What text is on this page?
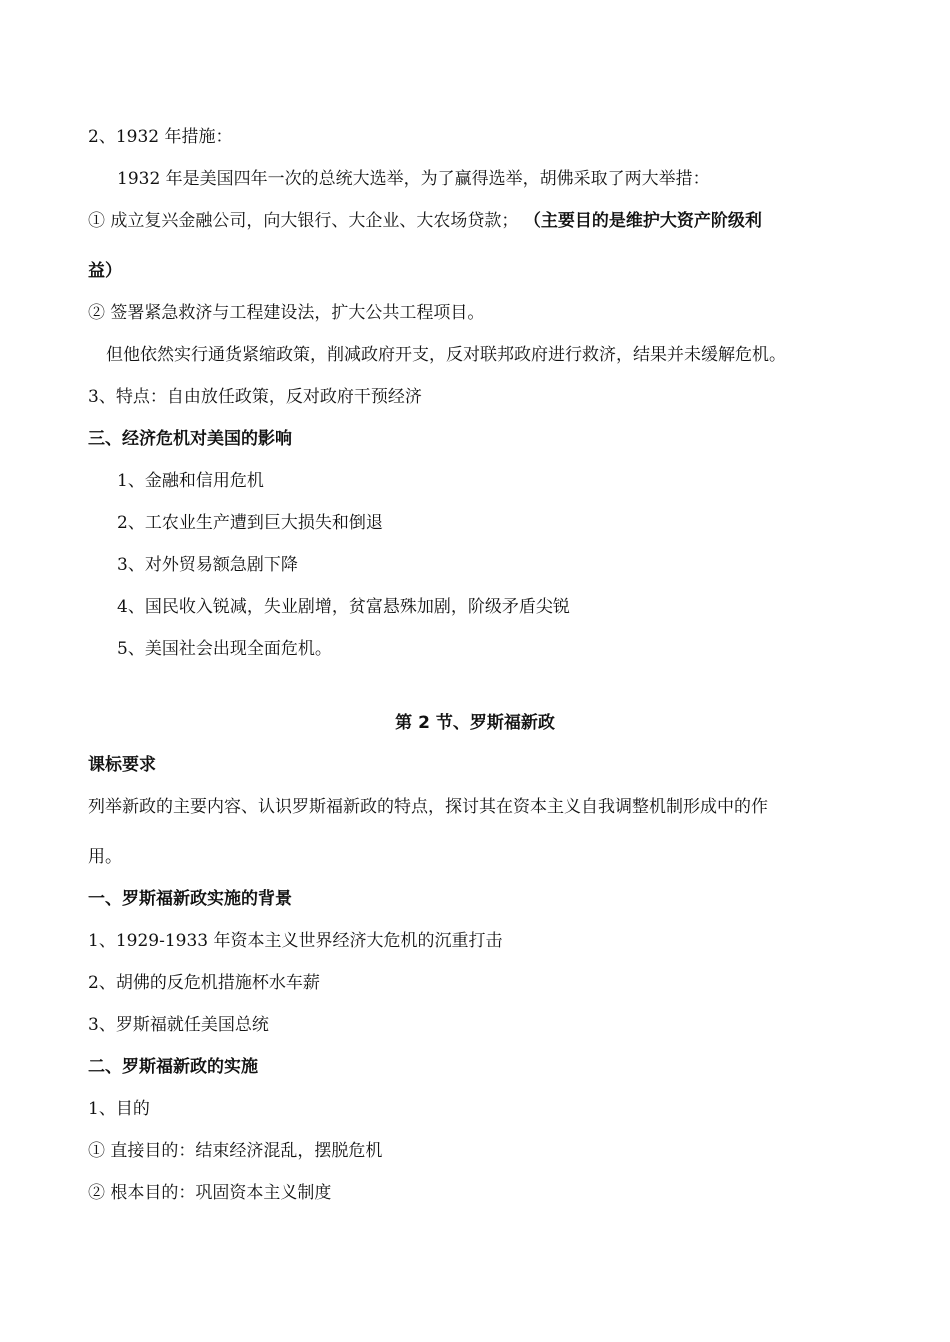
2、1932 年措施：
1932 年是美国四年一次的总统大选举，为了赢得选举，胡佛采取了两大举措：
① 成立复兴金融公司，向大银行、大企业、大农场贷款； （主要目的是维护大资产阶级利
益）
② 签署紧急救济与工程建设法，扩大公共工程项目。
但他依然实行通货紧缩政策，削减政府开支，反对联邦政府进行救济，结果并未缓解危机。
3、特点：自由放任政策，反对政府干预经济
三、经济危机对美国的影响
1、金融和信用危机
2、工农业生产遭到巨大损失和倒退
3、对外贸易额急剧下降
4、国民收入锐减，失业剧增，贫富悬殊加剧，阶级矛盾尖锐
5、美国社会出现全面危机。
第 2 节、罗斯福新政
课标要求
列举新政的主要内容、认识罗斯福新政的特点，探讨其在资本主义自我调整机制形成中的作
用。
一、罗斯福新政实施的背景
1、1929-1933 年资本主义世界经济大危机的沉重打击
2、胡佛的反危机措施杯水车薪
3、罗斯福就任美国总统
二、罗斯福新政的实施
1、目的
① 直接目的：结束经济混乱，摆脱危机
② 根本目的：巩固资本主义制度
